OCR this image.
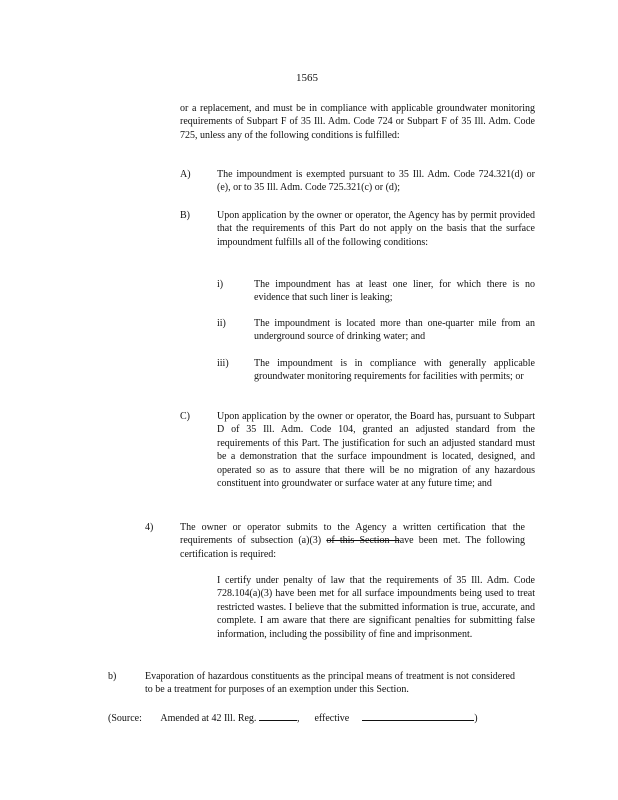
1565

or a replacement, and must be in compliance with applicable groundwater monitoring requirements of Subpart F of 35 Ill. Adm. Code 724 or Subpart F of 35 Ill. Adm. Code 725, unless any of the following conditions is fulfilled:

A)	The impoundment is exempted pursuant to 35 Ill. Adm. Code 724.321(d) or (e), or to 35 Ill. Adm. Code 725.321(c) or (d);

B)	Upon application by the owner or operator, the Agency has by permit provided that the requirements of this Part do not apply on the basis that the surface impoundment fulfills all of the following conditions:

i)	The impoundment has at least one liner, for which there is no evidence that such liner is leaking;

ii)	The impoundment is located more than one-quarter mile from an underground source of drinking water; and

iii)	The impoundment is in compliance with generally applicable groundwater monitoring requirements for facilities with permits; or

C)	Upon application by the owner or operator, the Board has, pursuant to Subpart D of 35 Ill. Adm. Code 104, granted an adjusted standard from the requirements of this Part. The justification for such an adjusted standard must be a demonstration that the surface impoundment is located, designed, and operated so as to assure that there will be no migration of any hazardous constituent into groundwater or surface water at any future time; and

4)	The owner or operator submits to the Agency a written certification that the requirements of subsection (a)(3) of this Section have been met. The following certification is required:

I certify under penalty of law that the requirements of 35 Ill. Adm. Code 728.104(a)(3) have been met for all surface impoundments being used to treat restricted wastes. I believe that the submitted information is true, accurate, and complete. I am aware that there are significant penalties for submitting false information, including the possibility of fine and imprisonment.

b)	Evaporation of hazardous constituents as the principal means of treatment is not considered to be a treatment for purposes of an exemption under this Section.

(Source: Amended at 42 Ill. Reg.	, effective	)
